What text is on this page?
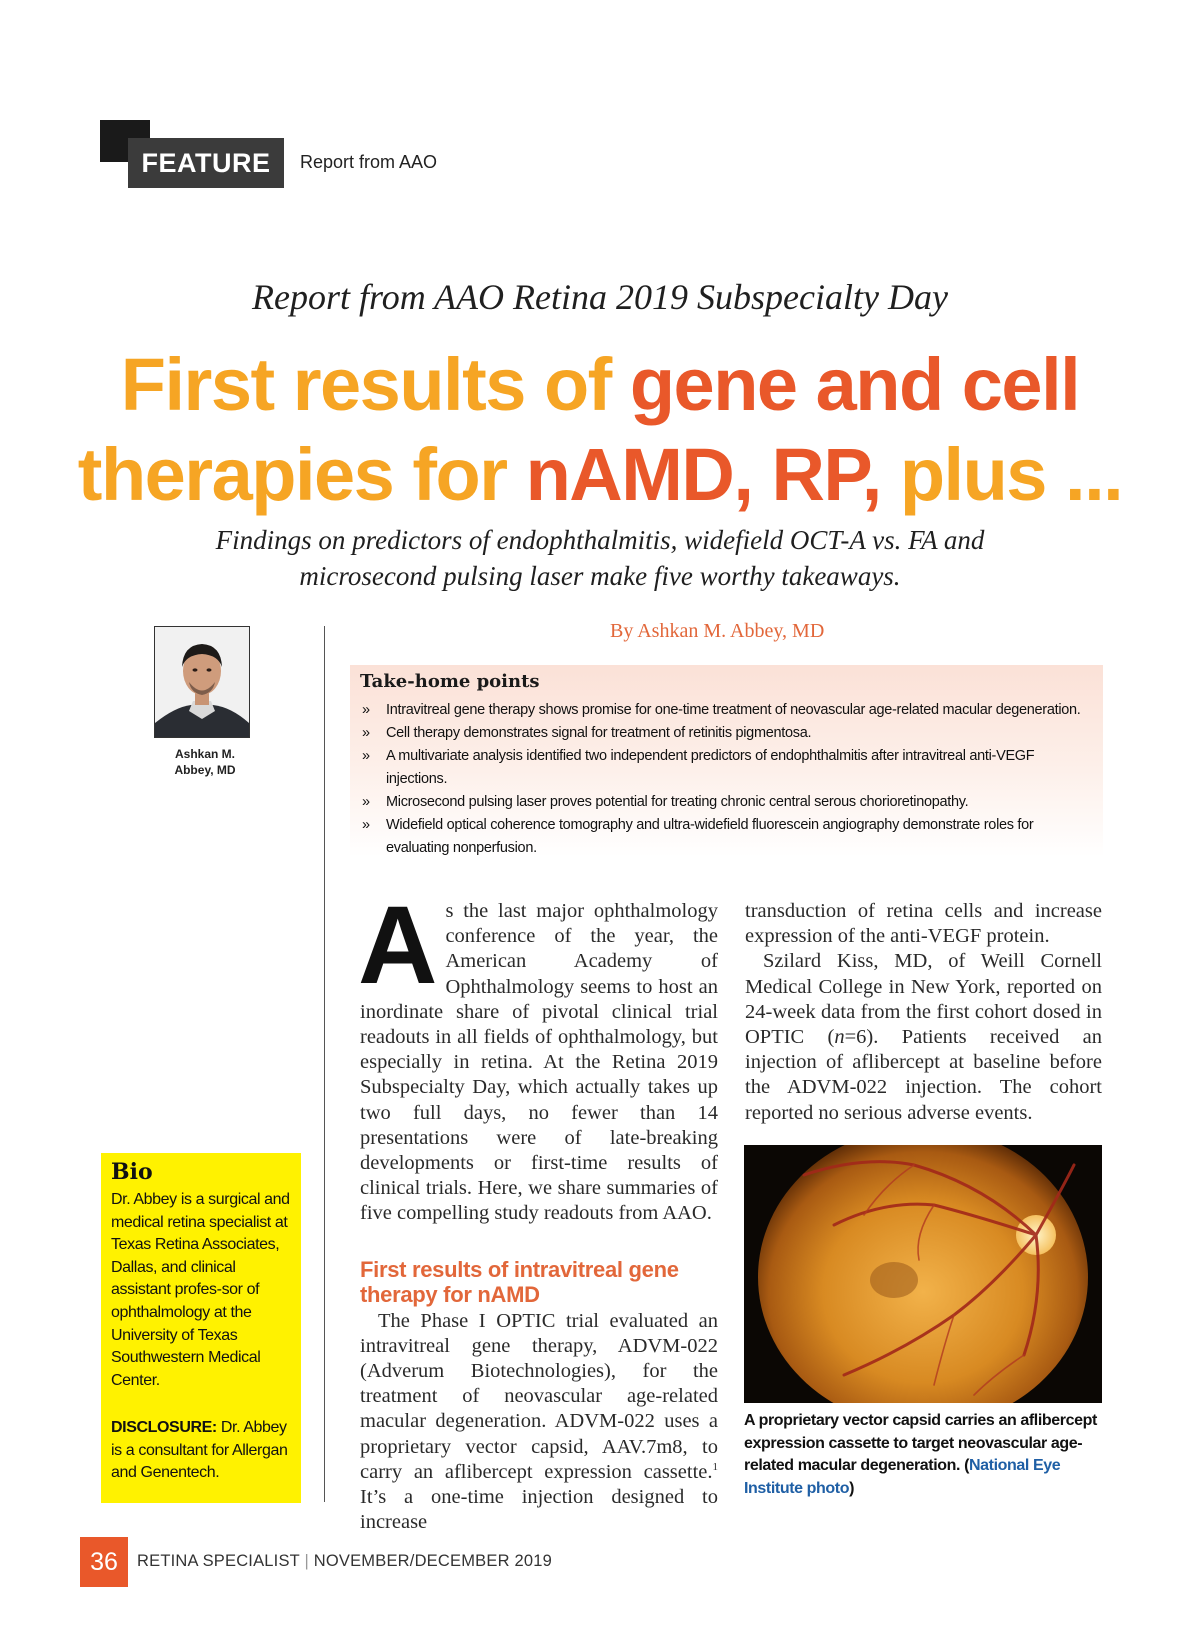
FEATURE	Report from AAO
Report from AAO Retina 2019 Subspecialty Day
First results of gene and cell
therapies for nAMD, RP, plus ...
Findings on predictors of endophthalmitis, widefield OCT-A vs. FA and
microsecond pulsing laser make five worthy takeaways.
Ashkan M.
Abbey, MD
Bio
Dr. Abbey is a surgical and medical retina specialist at Texas Retina Associates, Dallas, and clinical assistant profes-sor of ophthalmology at the University of Texas Southwestern Medical Center.
DISCLOSURE: Dr. Abbey is a consultant for Allergan and Genentech.
By Ashkan M. Abbey, MD
Take-home points
» Intravitreal gene therapy shows promise for one-time treatment of neovascular age-related macular degeneration.
» Cell therapy demonstrates signal for treatment of retinitis pigmentosa.
» A multivariate analysis identified two independent predictors of endophthalmitis after intravitreal anti-VEGF injections.
» Microsecond pulsing laser proves potential for treating chronic central serous chorioretinopathy.
» Widefield optical coherence tomography and ultra-widefield fluorescein angiography demonstrate roles for evaluating nonperfusion.

As the last major ophthalmology conference of the year, the American Academy of Ophthalmology seems to host an inordinate share of pivotal clinical trial readouts in all fields of ophthalmology, but especially in retina. At the Retina 2019 Subspecialty Day, which actually takes up two full days, no fewer than 14 presentations were of late-breaking developments or first-time results of clinical trials. Here, we share summaries of five compelling study readouts from AAO.

First results of intravitreal gene therapy for nAMD

The Phase I OPTIC trial evaluated an intravitreal gene therapy, ADVM-022 (Adverum Biotechnologies), for the treatment of neovascular age-related macular degeneration. ADVM-022 uses a proprietary vector capsid, AAV.7m8, to carry an aflibercept expression cassette.$^1$ It’s a one-time injection designed to increase

transduction of retina cells and increase expression of the anti-VEGF protein.

Szilard Kiss, MD, of Weill Cornell Medical College in New York, reported on 24-week data from the first cohort dosed in OPTIC (n=6). Patients received an injection of aflibercept at baseline before the ADVM-022 injection. The cohort reported no serious adverse events.

A proprietary vector capsid carries an aflibercept expression cassette to target neovascular age-related macular degeneration. (National Eye Institute photo)
36	RETINA SPECIALIST | NOVEMBER/DECEMBER 2019
